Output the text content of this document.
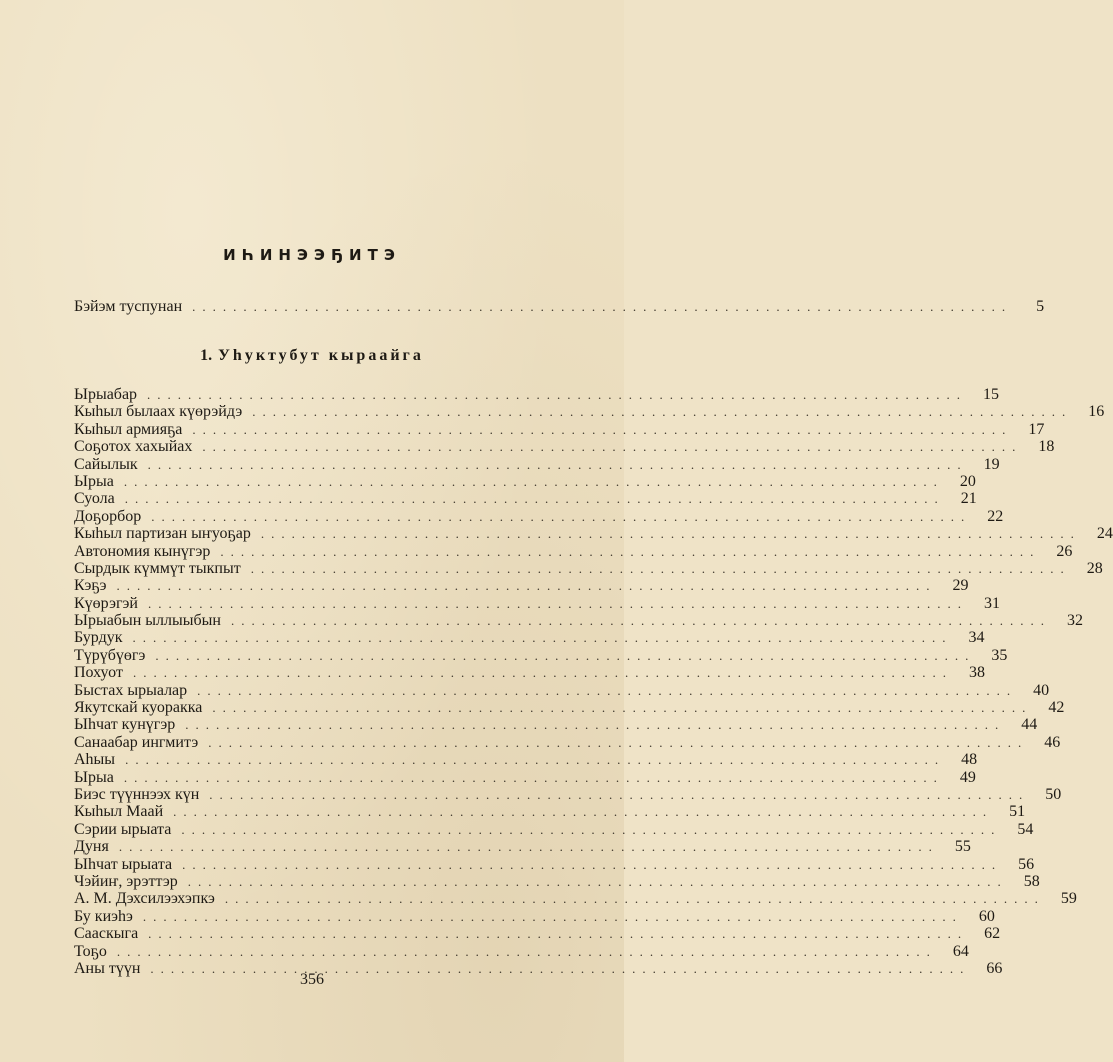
ИҺИНЭЭҔИТЭ
Бэйэм туспунан ................................................................................	5
1. Уһуктубут кыраайга
Ырыабар ................................................................................	15
Кыһыл былаах күөрэйдэ ................................................................................	16
Кыһыл армияҕа ................................................................................	17
Соҕотох хахыйах ................................................................................	18
Сайылык ................................................................................	19
Ырыа ................................................................................	20
Суола ................................................................................	21
Доҕорбор ................................................................................	22
Кыһыл партизан ыҥуоҕар ................................................................................	24
Автономия кынүгэр ................................................................................	26
Сырдык күммүт тыкпыт ................................................................................	28
Кэҕэ ................................................................................	29
Күөрэгэй ................................................................................	31
Ырыабын ыллыыбын ................................................................................	32
Бурдук ................................................................................	34
Түрүбүөгэ ................................................................................	35
Похуот ................................................................................	38
Быстах ырыалар ................................................................................	40
Якутскай куоракка ................................................................................	42
Ыһчат кунүгэр ................................................................................	44
Санаабар ингмитэ ................................................................................	46
Аһыы ................................................................................	48
Ырыа ................................................................................	49
Биэс түүннээх күн ................................................................................	50
Кыһыл Маай ................................................................................	51
Сэрии ырыата ................................................................................	54
Дуня ................................................................................	55
Ыһчат ырыата ................................................................................	56
Чэйиҥ, эрэттэр ................................................................................	58
А. М. Дэхсилээхэпкэ ................................................................................	59
Бу киэһэ ................................................................................	60
Сааскыга ................................................................................	62
Тоҕо ................................................................................	64
Аны түүн ................................................................................	66
356
